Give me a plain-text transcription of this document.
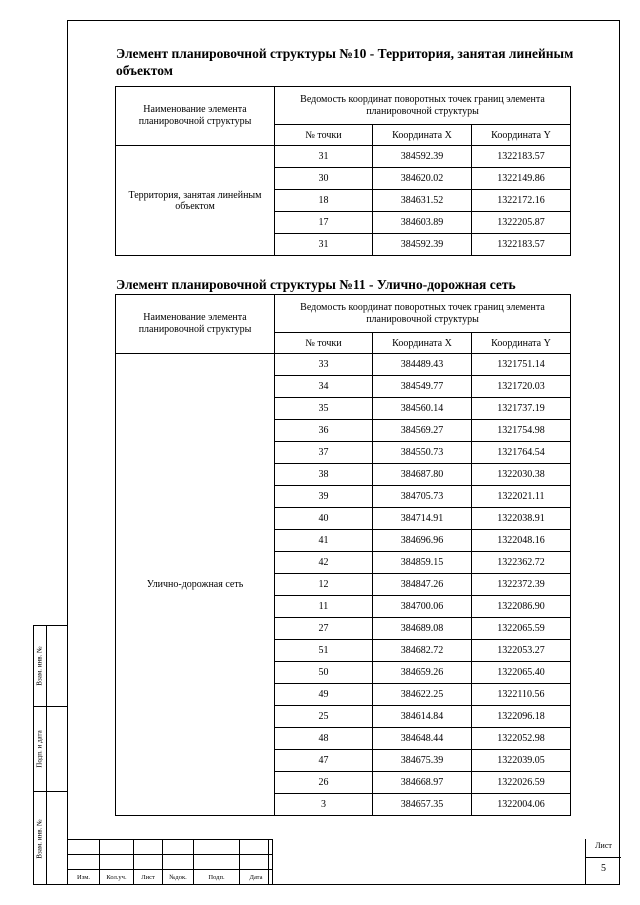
Взам. инв. №
Подп. и дата
Взам. инв. №
Элемент планировочной структуры №10 - Территория, занятая линейным объектом
Наименование элемента планировочной структуры	Ведомость координат поворотных точек границ элемента планировочной структуры		
	№ точки	Координата X	Координата Y
Территория, занятая линейным объектом	31	384592.39	1322183.57
	30	384620.02	1322149.86
	18	384631.52	1322172.16
	17	384603.89	1322205.87
	31	384592.39	1322183.57
Элемент планировочной структуры №11 - Улично-дорожная сеть
Наименование элемента планировочной структуры	Ведомость координат поворотных точек границ элемента планировочной структуры		
	№ точки	Координата X	Координата Y
Улично-дорожная сеть	33	384489.43	1321751.14
	34	384549.77	1321720.03
	35	384560.14	1321737.19
	36	384569.27	1321754.98
	37	384550.73	1321764.54
	38	384687.80	1322030.38
	39	384705.73	1322021.11
	40	384714.91	1322038.91
	41	384696.96	1322048.16
	42	384859.15	1322362.72
	12	384847.26	1322372.39
	11	384700.06	1322086.90
	27	384689.08	1322065.59
	51	384682.72	1322053.27
	50	384659.26	1322065.40
	49	384622.25	1322110.56
	25	384614.84	1322096.18
	48	384648.44	1322052.98
	47	384675.39	1322039.05
	26	384668.97	1322026.59
	3	384657.35	1322004.06

Изм.	Кол.уч.	Лист	№док.	Подп.	Дата
Лист
5
